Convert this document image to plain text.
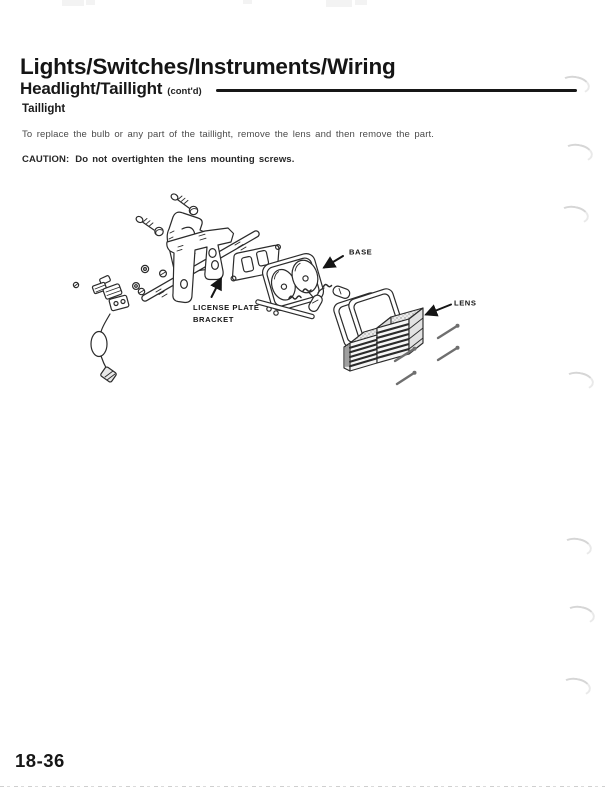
Lights/Switches/Instruments/Wiring
Headlight/Taillight (cont'd)
Taillight
To replace the bulb or any part of the taillight, remove the lens and then remove the part.
CAUTION: Do not overtighten the lens mounting screws.
BASE
LENS
LICENSE PLATE
BRACKET
18-36
